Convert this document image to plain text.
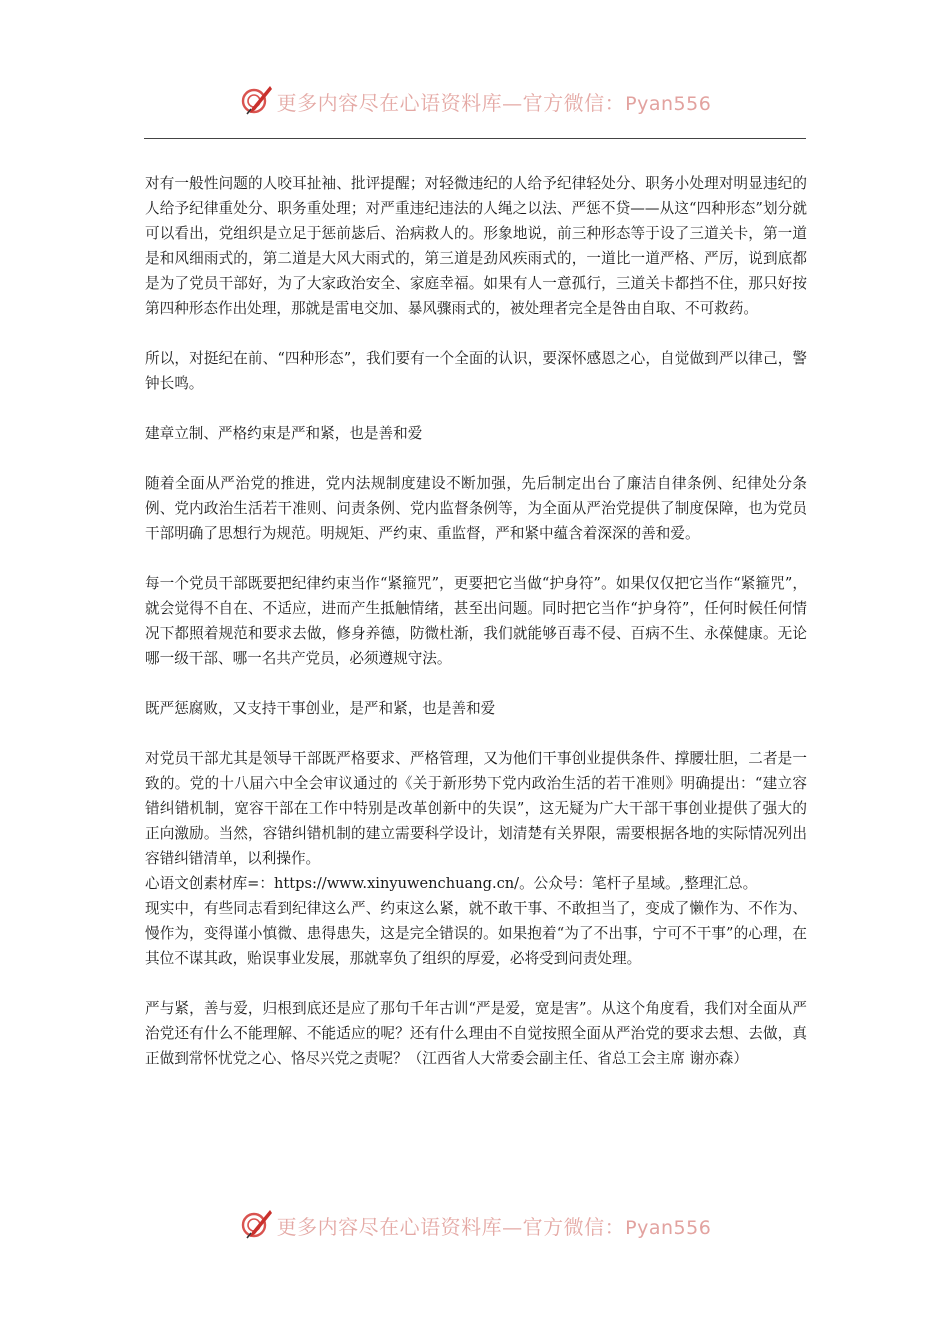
更多内容尽在心语资料库—官方微信：Pyan556

对有一般性问题的人咬耳扯袖、批评提醒；对轻微违纪的人给予纪律轻处分、职务小处理对明显违纪的人给予纪律重处分、职务重处理；对严重违纪违法的人绳之以法、严惩不贷——从这“四种形态”划分就可以看出，党组织是立足于惩前毖后、治病救人的。形象地说，前三种形态等于设了三道关卡，第一道是和风细雨式的，第二道是大风大雨式的，第三道是劲风疾雨式的，一道比一道严格、严厉，说到底都是为了党员干部好，为了大家政治安全、家庭幸福。如果有人一意孤行，三道关卡都挡不住，那只好按第四种形态作出处理，那就是雷电交加、暴风骤雨式的，被处理者完全是咎由自取、不可救药。

所以，对挺纪在前、“四种形态”，我们要有一个全面的认识，要深怀感恩之心，自觉做到严以律己，警钟长鸣。

建章立制、严格约束是严和紧，也是善和爱

随着全面从严治党的推进，党内法规制度建设不断加强，先后制定出台了廉洁自律条例、纪律处分条例、党内政治生活若干准则、问责条例、党内监督条例等，为全面从严治党提供了制度保障，也为党员干部明确了思想行为规范。明规矩、严约束、重监督，严和紧中蕴含着深深的善和爱。

每一个党员干部既要把纪律约束当作“紧箍咒”，更要把它当做“护身符”。如果仅仅把它当作“紧箍咒”，就会觉得不自在、不适应，进而产生抵触情绪，甚至出问题。同时把它当作“护身符”，任何时候任何情况下都照着规范和要求去做，修身养德，防微杜渐，我们就能够百毒不侵、百病不生、永葆健康。无论哪一级干部、哪一名共产党员，必须遵规守法。

既严惩腐败，又支持干事创业，是严和紧，也是善和爱

对党员干部尤其是领导干部既严格要求、严格管理，又为他们干事创业提供条件、撑腰壮胆，二者是一致的。党的十八届六中全会审议通过的《关于新形势下党内政治生活的若干准则》明确提出：“建立容错纠错机制，宽容干部在工作中特别是改革创新中的失误”，这无疑为广大干部干事创业提供了强大的正向激励。当然，容错纠错机制的建立需要科学设计，划清楚有关界限，需要根据各地的实际情况列出容错纠错清单，以利操作。

心语文创素材库=：https://www.xinyuwenchuang.cn/。公众号：笔杆子星域。,整理汇总。

现实中，有些同志看到纪律这么严、约束这么紧，就不敢干事、不敢担当了，变成了懒作为、不作为、慢作为，变得谨小慎微、患得患失，这是完全错误的。如果抱着“为了不出事，宁可不干事”的心理，在其位不谋其政，贻误事业发展，那就辜负了组织的厚爱，必将受到问责处理。

严与紧，善与爱，归根到底还是应了那句千年古训“严是爱，宽是害”。从这个角度看，我们对全面从严治党还有什么不能理解、不能适应的呢？还有什么理由不自觉按照全面从严治党的要求去想、去做，真正做到常怀忧党之心、恪尽兴党之责呢？（江西省人大常委会副主任、省总工会主席 谢亦森）

更多内容尽在心语资料库—官方微信：Pyan556
